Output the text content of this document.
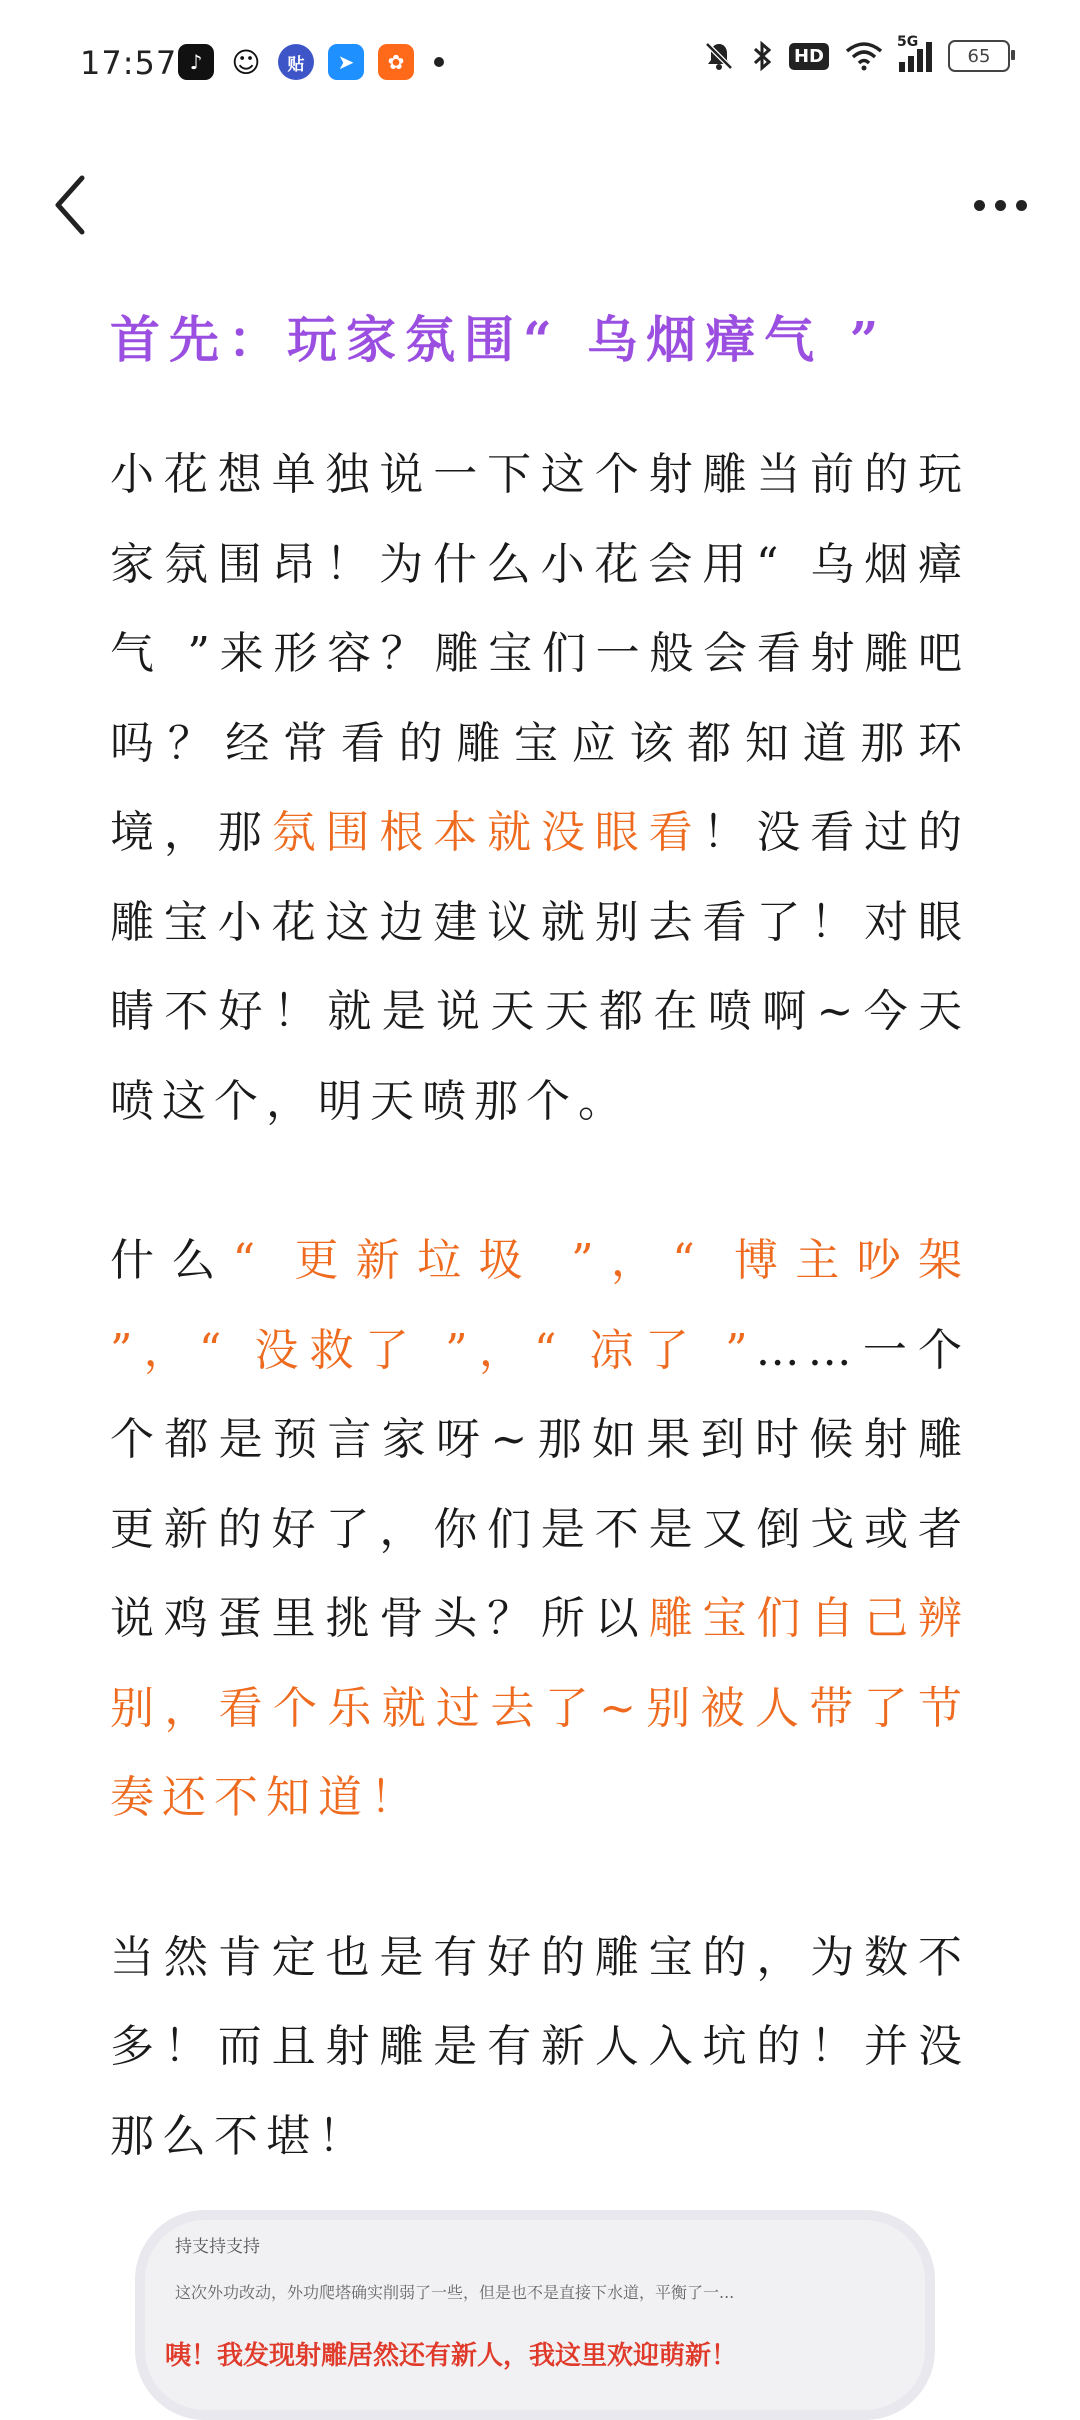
17:57 ♪	☺	贴	➤	✿	HD
5G
65
首先：玩家氛围“ 乌烟瘴气 ”

小花想单独说一下这个射雕当前的玩家氛围昂！为什么小花会用“ 乌烟瘴气 ”来形容？雕宝们一般会看射雕吧吗？经常看的雕宝应该都知道那环境，那氛围根本就没眼看！没看过的雕宝小花这边建议就别去看了！对眼睛不好！就是说天天都在喷啊~今天喷这个，明天喷那个。

什么“ 更新垃圾 ”，“ 博主吵架 ”，“ 没救了 ”，“ 凉了 ”……一个个都是预言家呀~那如果到时候射雕更新的好了，你们是不是又倒戈或者说鸡蛋里挑骨头？所以雕宝们自己辨别，看个乐就过去了~别被人带了节奏还不知道！

当然肯定也是有好的雕宝的，为数不多！而且射雕是有新人入坑的！并没那么不堪！

持支持支持
这次外功改动，外功爬塔确实削弱了一些，但是也不是直接下水道，平衡了一...
咦！我发现射雕居然还有新人，我这里欢迎萌新！
